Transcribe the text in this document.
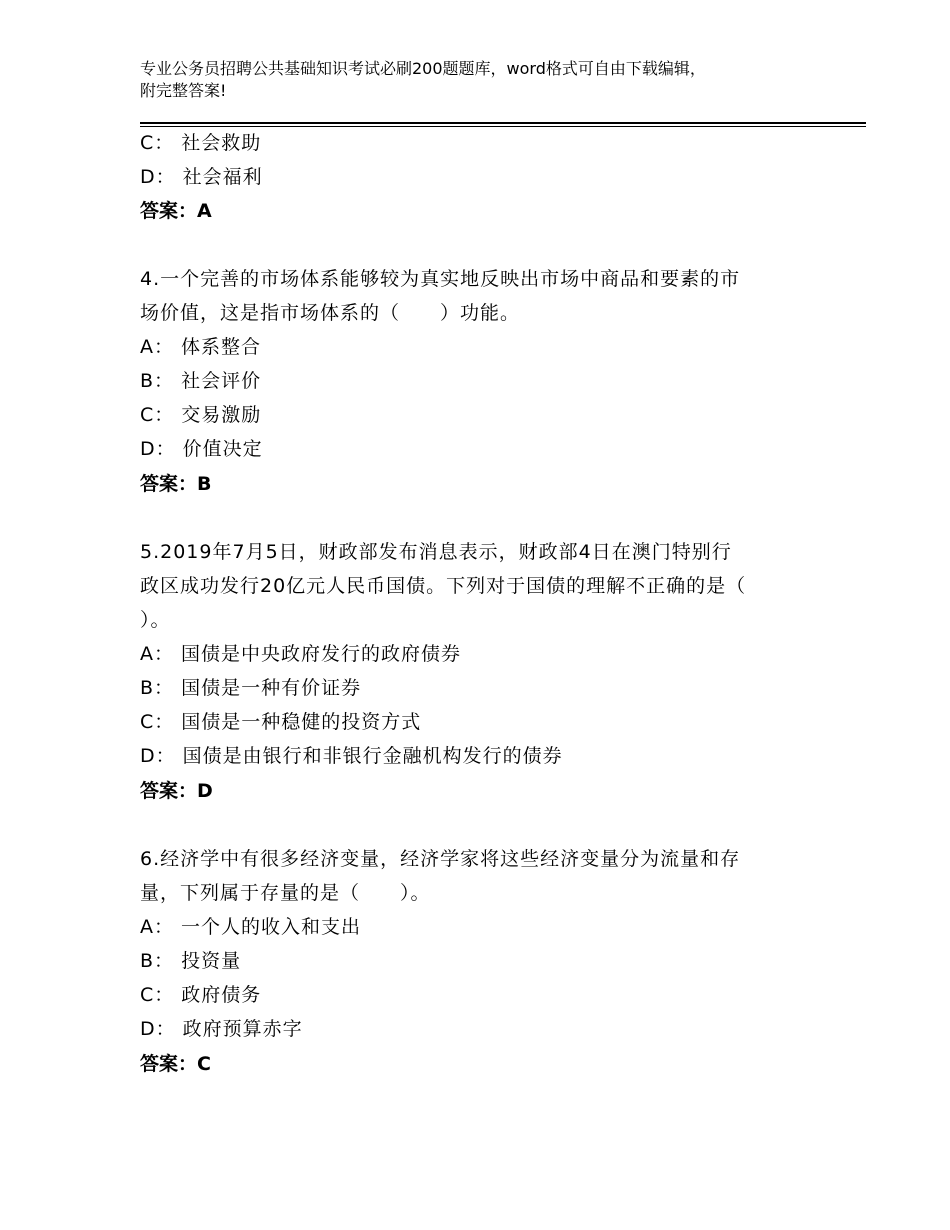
专业公务员招聘公共基础知识考试必刷200题题库，word格式可自由下载编辑，
附完整答案!
C： 社会救助
D： 社会福利
答案：A
4.一个完善的市场体系能够较为真实地反映出市场中商品和要素的市
场价值，这是指市场体系的（　　）功能。
A： 体系整合
B： 社会评价
C： 交易激励
D： 价值决定
答案：B
5.2019年7月5日，财政部发布消息表示，财政部4日在澳门特别行
政区成功发行20亿元人民币国债。下列对于国债的理解不正确的是（
）。
A： 国债是中央政府发行的政府债券
B： 国债是一种有价证券
C： 国债是一种稳健的投资方式
D： 国债是由银行和非银行金融机构发行的债券
答案：D
6.经济学中有很多经济变量，经济学家将这些经济变量分为流量和存
量，下列属于存量的是（　　）。
A： 一个人的收入和支出
B： 投资量
C： 政府债务
D： 政府预算赤字
答案：C
